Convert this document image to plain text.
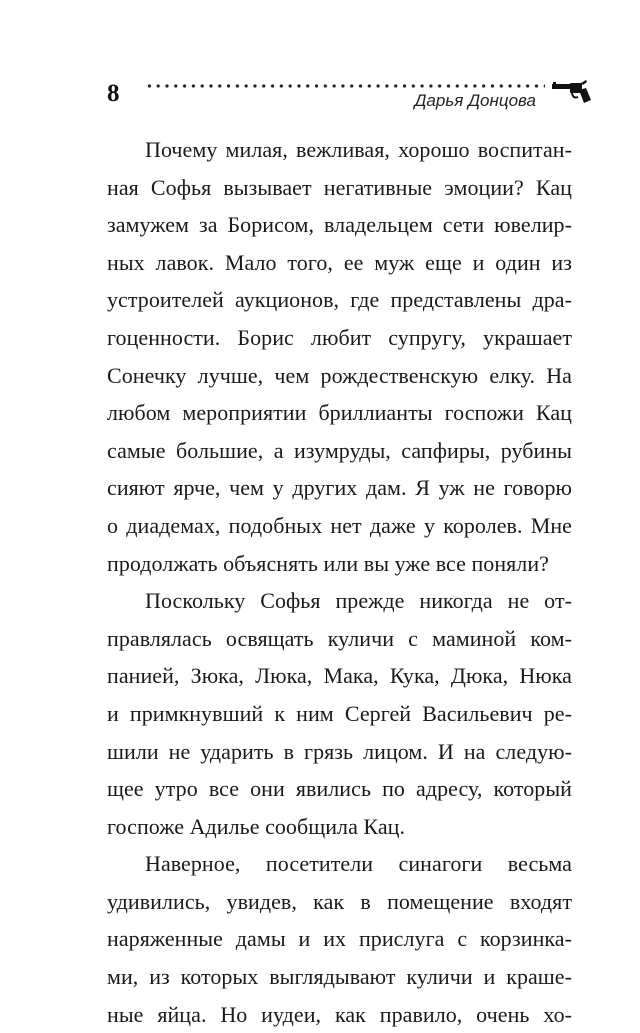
8	Дарья Донцова
Почему милая, вежливая, хорошо воспитан-
ная Софья вызывает негативные эмоции? Кац
замужем за Борисом, владельцем сети ювелир-
ных лавок. Мало того, ее муж еще и один из
устроителей аукционов, где представлены дра-
гоценности. Борис любит супругу, украшает
Сонечку лучше, чем рождественскую елку. На
любом мероприятии бриллианты госпожи Кац
самые большие, а изумруды, сапфиры, рубины
сияют ярче, чем у других дам. Я уж не говорю
о диадемах, подобных нет даже у королев. Мне
продолжать объяснять или вы уже все поняли?
Поскольку Софья прежде никогда не от-
правлялась освящать куличи с маминой ком-
панией, Зюка, Люка, Мака, Кука, Дюка, Нюка
и примкнувший к ним Сергей Васильевич ре-
шили не ударить в грязь лицом. И на следую-
щее утро все они явились по адресу, который
госпоже Адилье сообщила Кац.
Наверное, посетители синагоги весьма
удивились, увидев, как в помещение входят
наряженные дамы и их прислуга с корзинка-
ми, из которых выглядывают куличи и краше-
ные яйца. Но иудеи, как правило, очень хо-
